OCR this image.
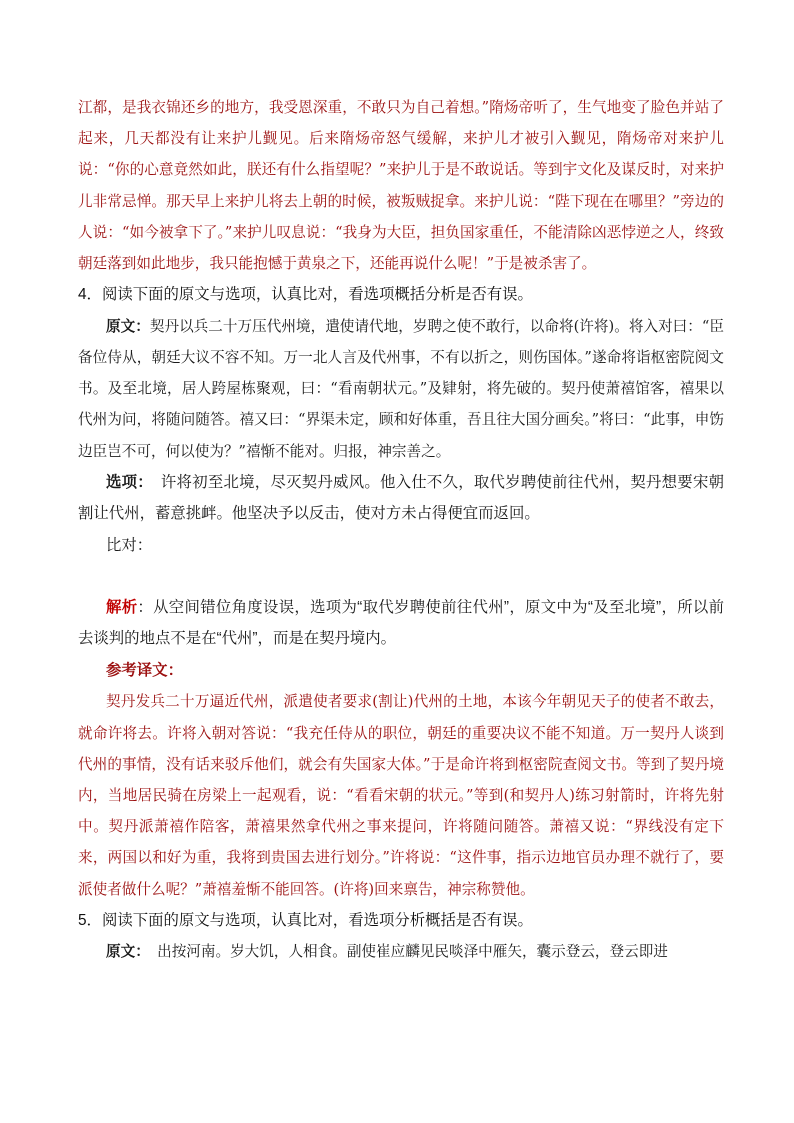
江都，是我衣锦还乡的地方，我受恩深重，不敢只为自己着想。”隋炀帝听了，生气地变了脸色并站了起来，几天都没有让来护儿觐见。后来隋炀帝怒气缓解，来护儿才被引入觐见，隋炀帝对来护儿说：“你的心意竟然如此，朕还有什么指望呢？”来护儿于是不敢说话。等到宇文化及谋反时，对来护儿非常忌惮。那天早上来护儿将去上朝的时候，被叛贼捉拿。来护儿说：“陛下现在在哪里？”旁边的人说：“如今被拿下了。”来护儿叹息说：“我身为大臣，担负国家重任，不能清除凶恶悖逆之人，终致朝廷落到如此地步，我只能抱憾于黄泉之下，还能再说什么呢！”于是被杀害了。

4．阅读下面的原文与选项，认真比对，看选项概括分析是否有误。

原文：契丹以兵二十万压代州境，遣使请代地，岁聘之使不敢行，以命将(许将)。将入对曰：“臣备位侍从，朝廷大议不容不知。万一北人言及代州事，不有以折之，则伤国体。”遂命将诣枢密院阅文书。及至北境，居人跨屋栋聚观，曰：“看南朝状元。”及肄射，将先破的。契丹使萧禧馆客，禧果以代州为问，将随问随答。禧又曰：“界渠未定，顾和好体重，吾且往大国分画矣。”将曰：“此事，申饬边臣岂不可，何以使为？”禧惭不能对。归报，神宗善之。

选项：  许将初至北境，尽灭契丹威风。他入仕不久，取代岁聘使前往代州，契丹想要宋朝割让代州，蓄意挑衅。他坚决予以反击，使对方未占得便宜而返回。

比对：

解析：从空间错位角度设误，选项为“取代岁聘使前往代州”，原文中为“及至北境”，所以前去谈判的地点不是在“代州”，而是在契丹境内。

参考译文：

契丹发兵二十万逼近代州，派遣使者要求(割让)代州的土地，本该今年朝见天子的使者不敢去，就命许将去。许将入朝对答说：“我充任侍从的职位，朝廷的重要决议不能不知道。万一契丹人谈到代州的事情，没有话来驳斥他们，就会有失国家大体。”于是命许将到枢密院查阅文书。等到了契丹境内，当地居民骑在房梁上一起观看，说：“看看宋朝的状元。”等到(和契丹人)练习射箭时，许将先射中。契丹派萧禧作陪客，萧禧果然拿代州之事来提问，许将随问随答。萧禧又说：“界线没有定下来，两国以和好为重，我将到贵国去进行划分。”许将说：“这件事，指示边地官员办理不就行了，要派使者做什么呢？”萧禧羞惭不能回答。(许将)回来禀告，神宗称赞他。

5．阅读下面的原文与选项，认真比对，看选项分析概括是否有误。

原文：  出按河南。岁大饥，人相食。副使崔应麟见民啖泽中雁矢，囊示登云，登云即进
